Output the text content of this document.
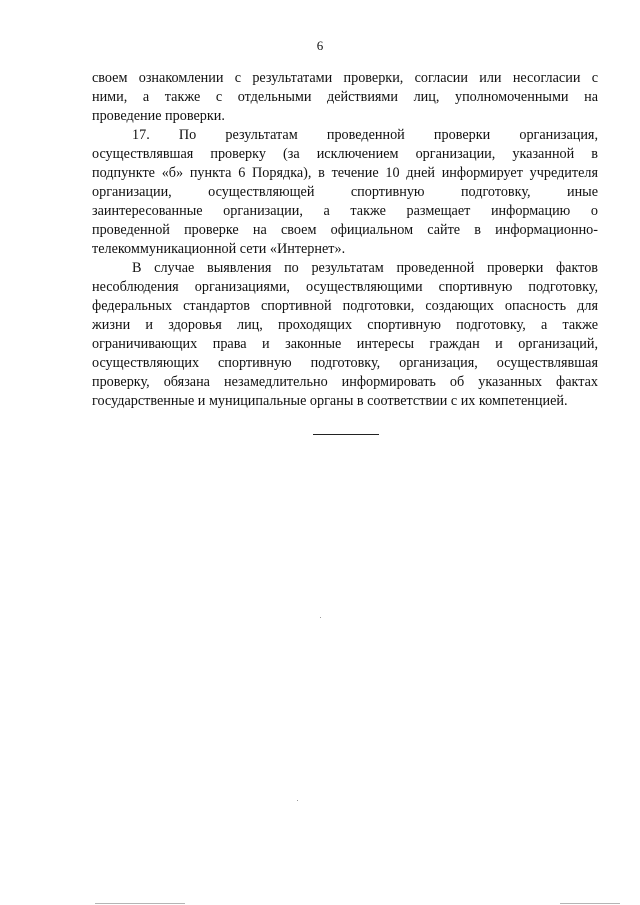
6
своем ознакомлении с результатами проверки, согласии или несогласии с
ними, а также с отдельными действиями лиц, уполномоченными на
проведение проверки.
17. По результатам проведенной проверки организация,
осуществлявшая проверку (за исключением организации, указанной в
подпункте «б» пункта 6 Порядка), в течение 10 дней информирует учредителя
организации, осуществляющей спортивную подготовку, иные
заинтересованные организации, а также размещает информацию о
проведенной проверке на своем официальном сайте в информационно-
телекоммуникационной сети «Интернет».
В случае выявления по результатам проведенной проверки фактов
несоблюдения организациями, осуществляющими спортивную подготовку,
федеральных стандартов спортивной подготовки, создающих опасность для
жизни и здоровья лиц, проходящих спортивную подготовку, а также
ограничивающих права и законные интересы граждан и организаций,
осуществляющих спортивную подготовку, организация, осуществлявшая
проверку, обязана незамедлительно информировать об указанных фактах
государственные и муниципальные органы в соответствии с их компетенцией.
